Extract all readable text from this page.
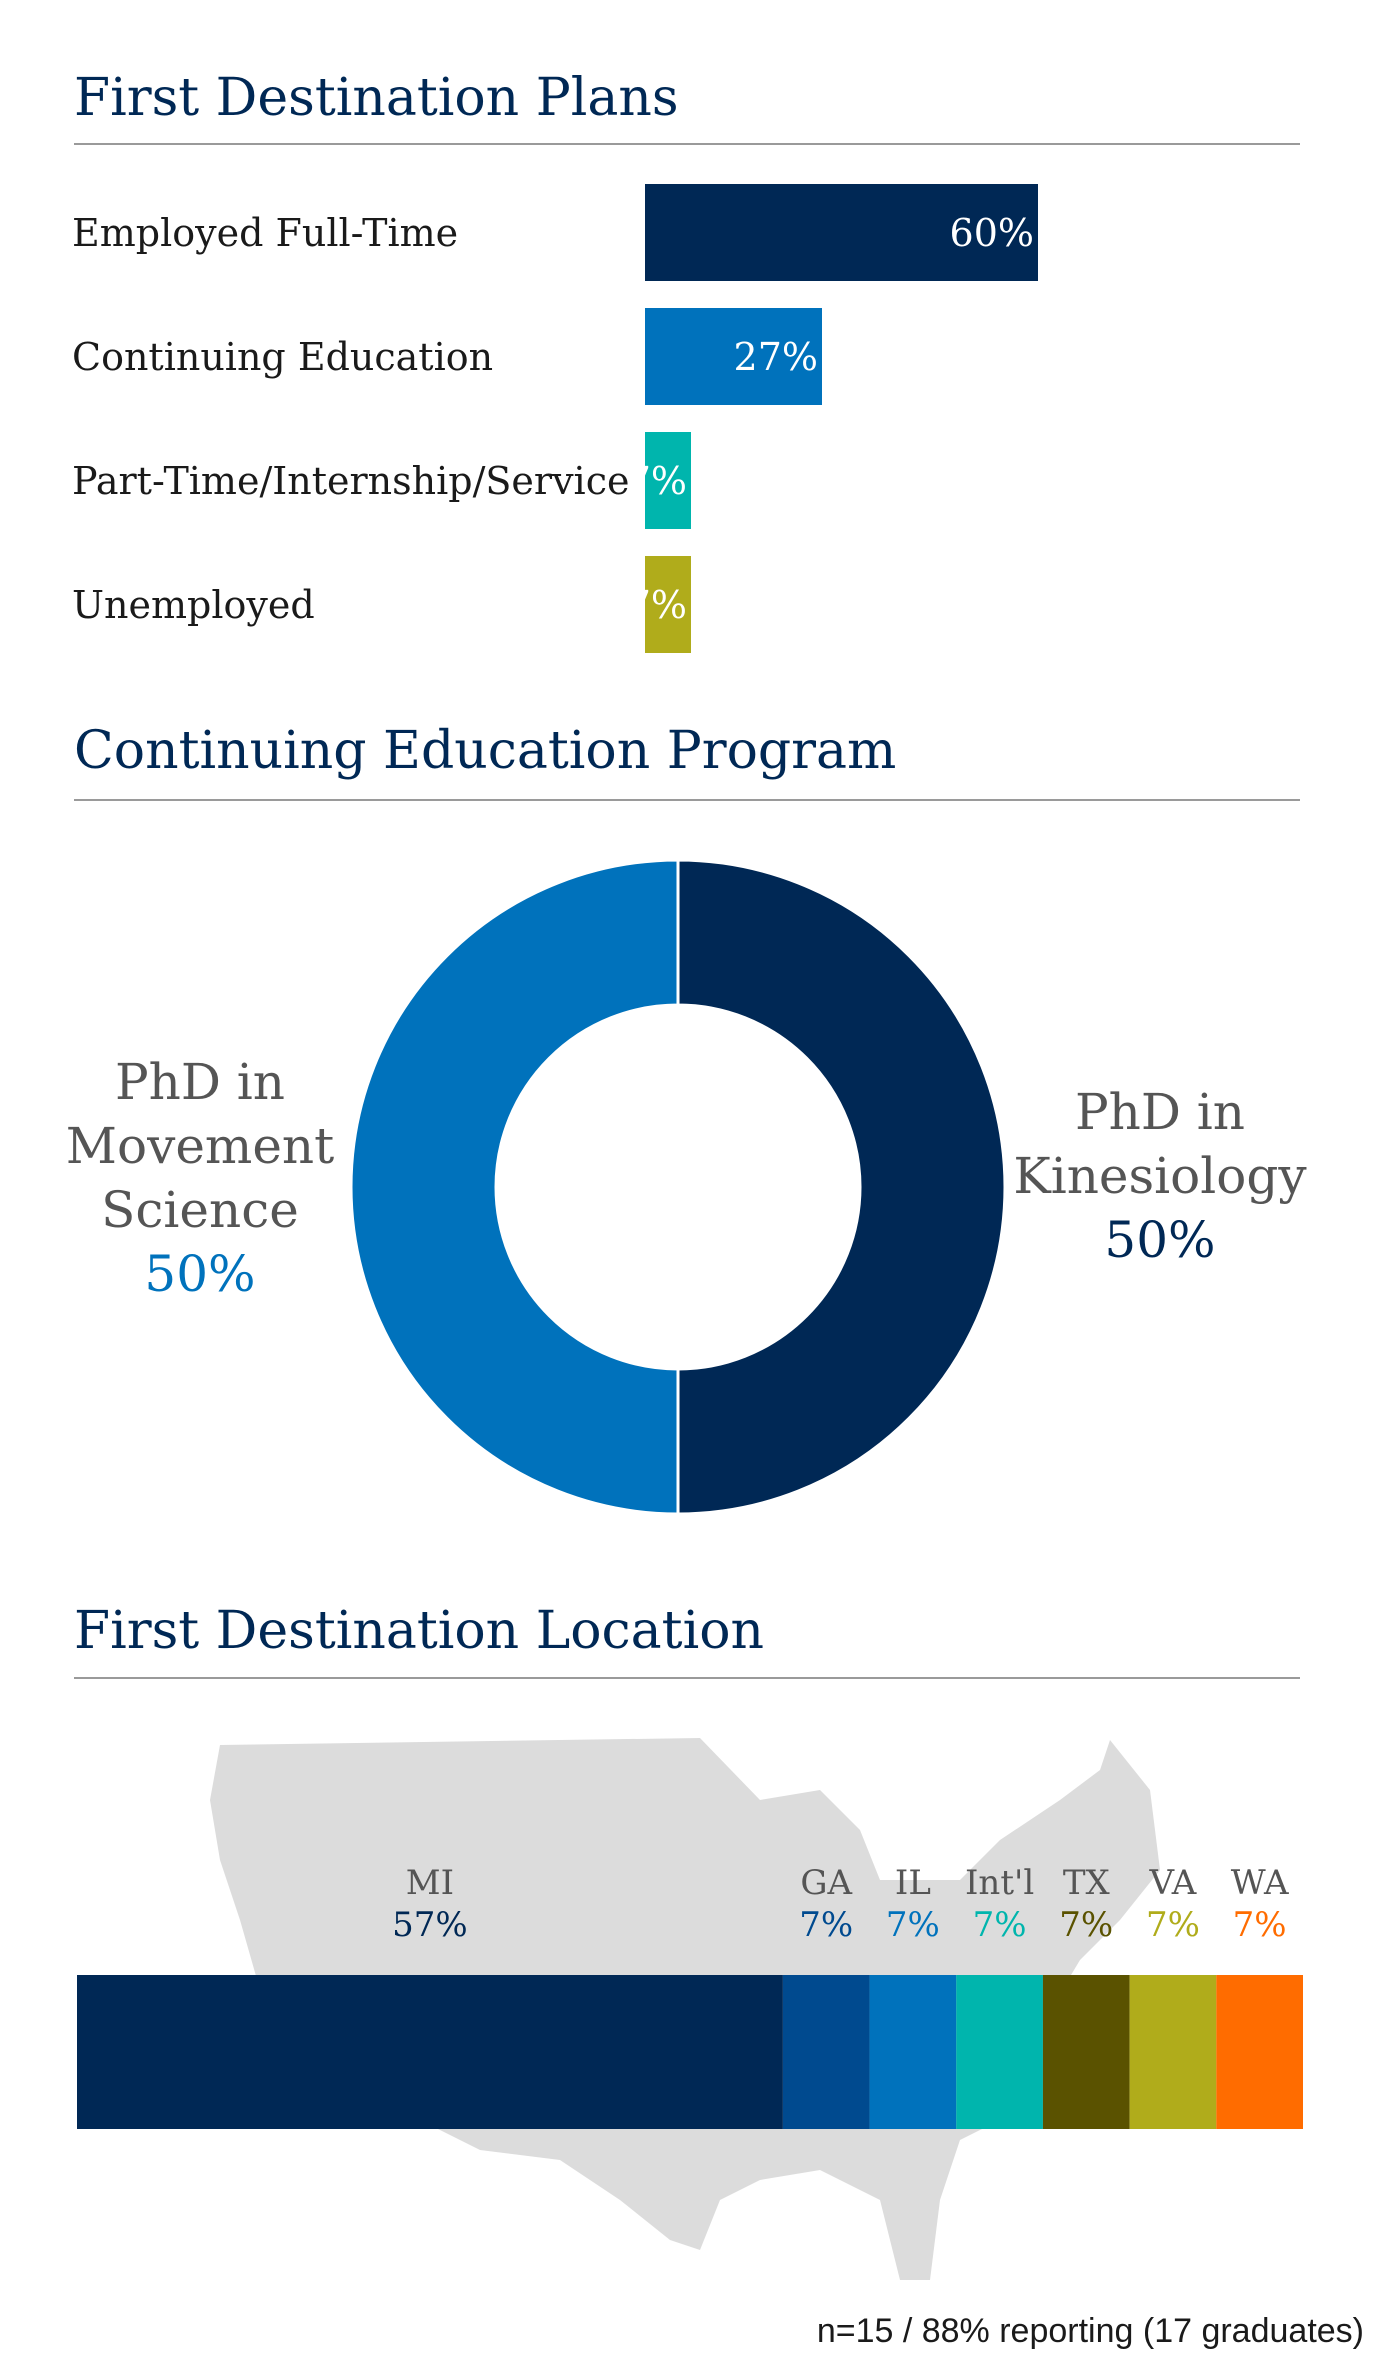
First Destination Plans
Employed Full-Time	60%
Continuing Education	27%
Part-Time/Internship/Service
7%
Unemployed	7%
Continuing Education Program
PhD in
Kinesiology
50%
PhD in
Movement
Science
50%
First Destination Location
MI
57%
GA
7%
IL
7%
Int'l
7%
TX
7%
VA
7%
WA
7%
n=15 / 88% reporting (17 graduates)
